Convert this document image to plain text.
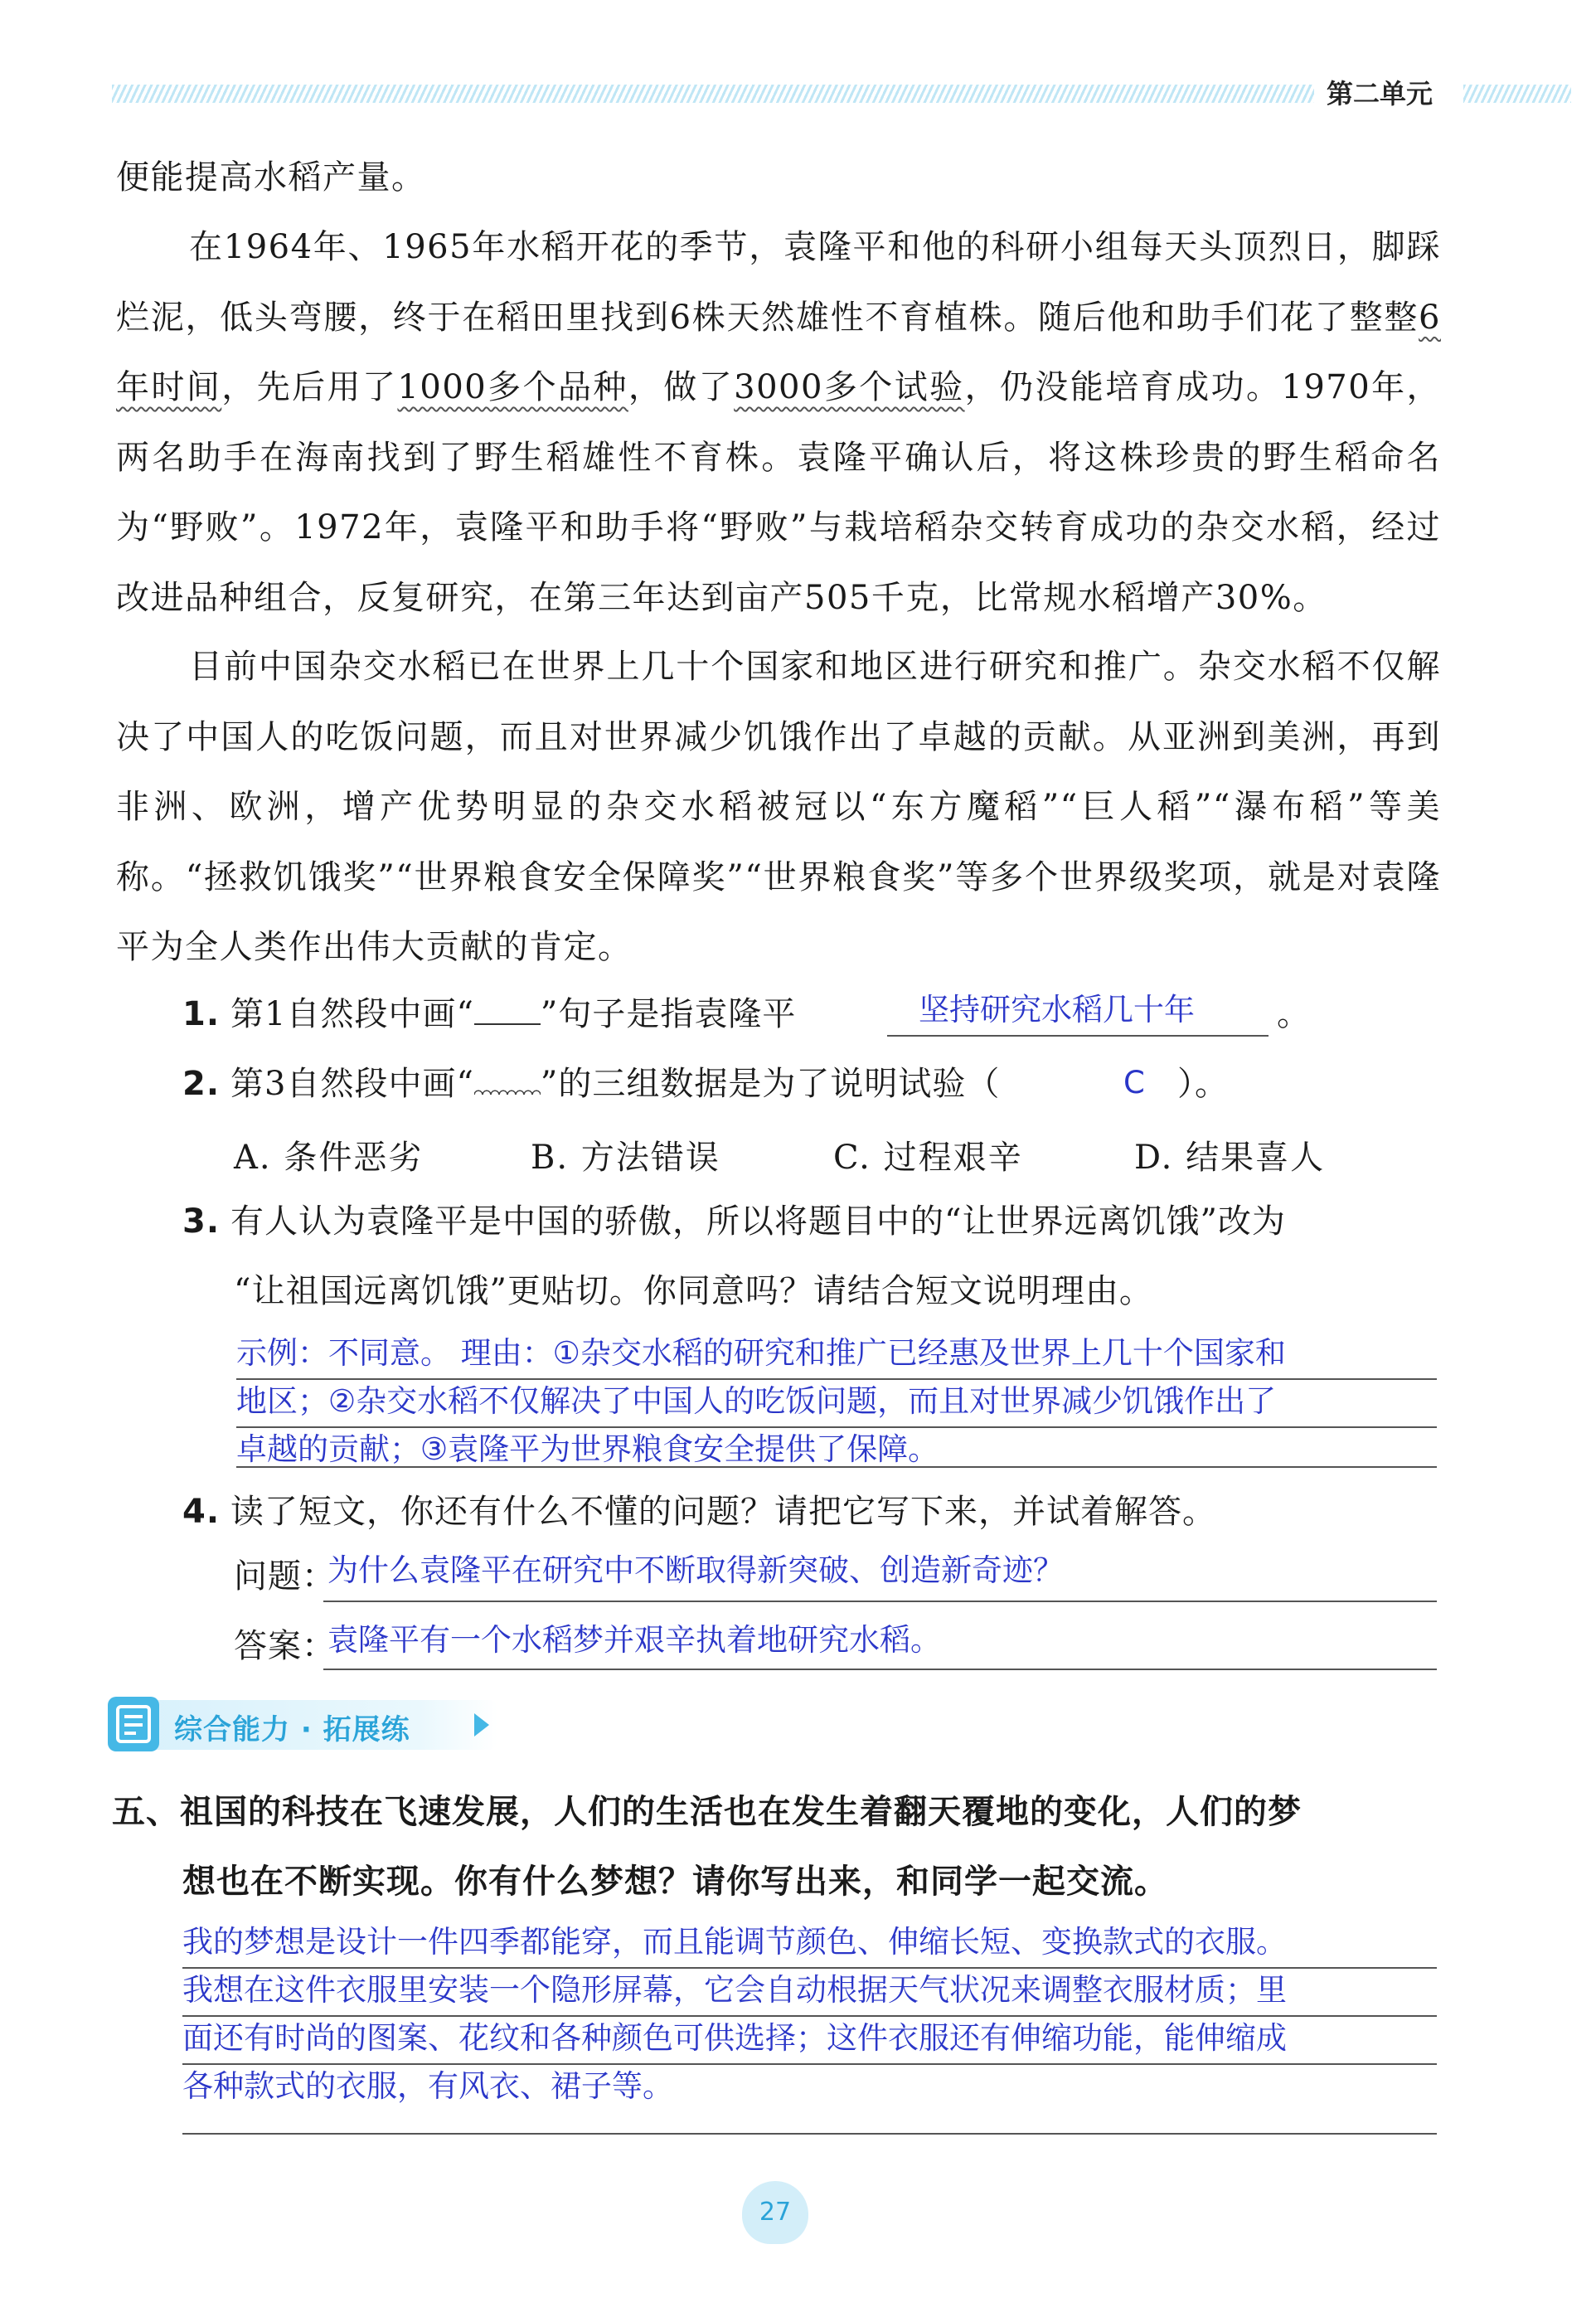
第二单元

便能提高水稻产量。

在1964年、1965年水稻开花的季节，袁隆平和他的科研小组每天头顶烈日，脚踩烂泥，低头弯腰，终于在稻田里找到6株天然雄性不育植株。随后他和助手们花了整整6年时间，先后用了1000多个品种，做了3000多个试验，仍没能培育成功。1970年，两名助手在海南找到了野生稻雄性不育株。袁隆平确认后，将这株珍贵的野生稻命名为“野败”。1972年，袁隆平和助手将“野败”与栽培稻杂交转育成功的杂交水稻，经过改进品种组合，反复研究，在第三年达到亩产505千克，比常规水稻增产30%。

目前中国杂交水稻已在世界上几十个国家和地区进行研究和推广。杂交水稻不仅解决了中国人的吃饭问题，而且对世界减少饥饿作出了卓越的贡献。从亚洲到美洲，再到非洲、欧洲，增产优势明显的杂交水稻被冠以“东方魔稻”“巨人稻”“瀑布稻”等美称。“拯救饥饿奖”“世界粮食安全保障奖”“世界粮食奖”等多个世界级奖项，就是对袁隆平为全人类作出伟大贡献的肯定。

1. 第1自然段中画“ ”句子是指袁隆平	坚持研究水稻几十年 。
2. 第3自然段中画“ ”的三组数据是为了说明试验（	C ）。
A. 条件恶劣	B. 方法错误	C. 过程艰辛	D. 结果喜人
3. 有人认为袁隆平是中国的骄傲，所以将题目中的“让世界远离饥饿”改为
“让祖国远离饥饿”更贴切。你同意吗？请结合短文说明理由。
示例：不同意。 理由：①杂交水稻的研究和推广已经惠及世界上几十个国家和
地区；②杂交水稻不仅解决了中国人的吃饭问题，而且对世界减少饥饿作出了
卓越的贡献；③袁隆平为世界粮食安全提供了保障。
4. 读了短文，你还有什么不懂的问题？请把它写下来，并试着解答。
问题：
为什么袁隆平在研究中不断取得新突破、创造新奇迹？
答案：
袁隆平有一个水稻梦并艰辛执着地研究水稻。
综合能力 · 拓展练
五、祖国的科技在飞速发展，人们的生活也在发生着翻天覆地的变化，人们的梦
想也在不断实现。你有什么梦想？请你写出来，和同学一起交流。
我的梦想是设计一件四季都能穿，而且能调节颜色、伸缩长短、变换款式的衣服。
我想在这件衣服里安装一个隐形屏幕，它会自动根据天气状况来调整衣服材质；里
面还有时尚的图案、花纹和各种颜色可供选择；这件衣服还有伸缩功能，能伸缩成
各种款式的衣服，有风衣、裙子等。
27
